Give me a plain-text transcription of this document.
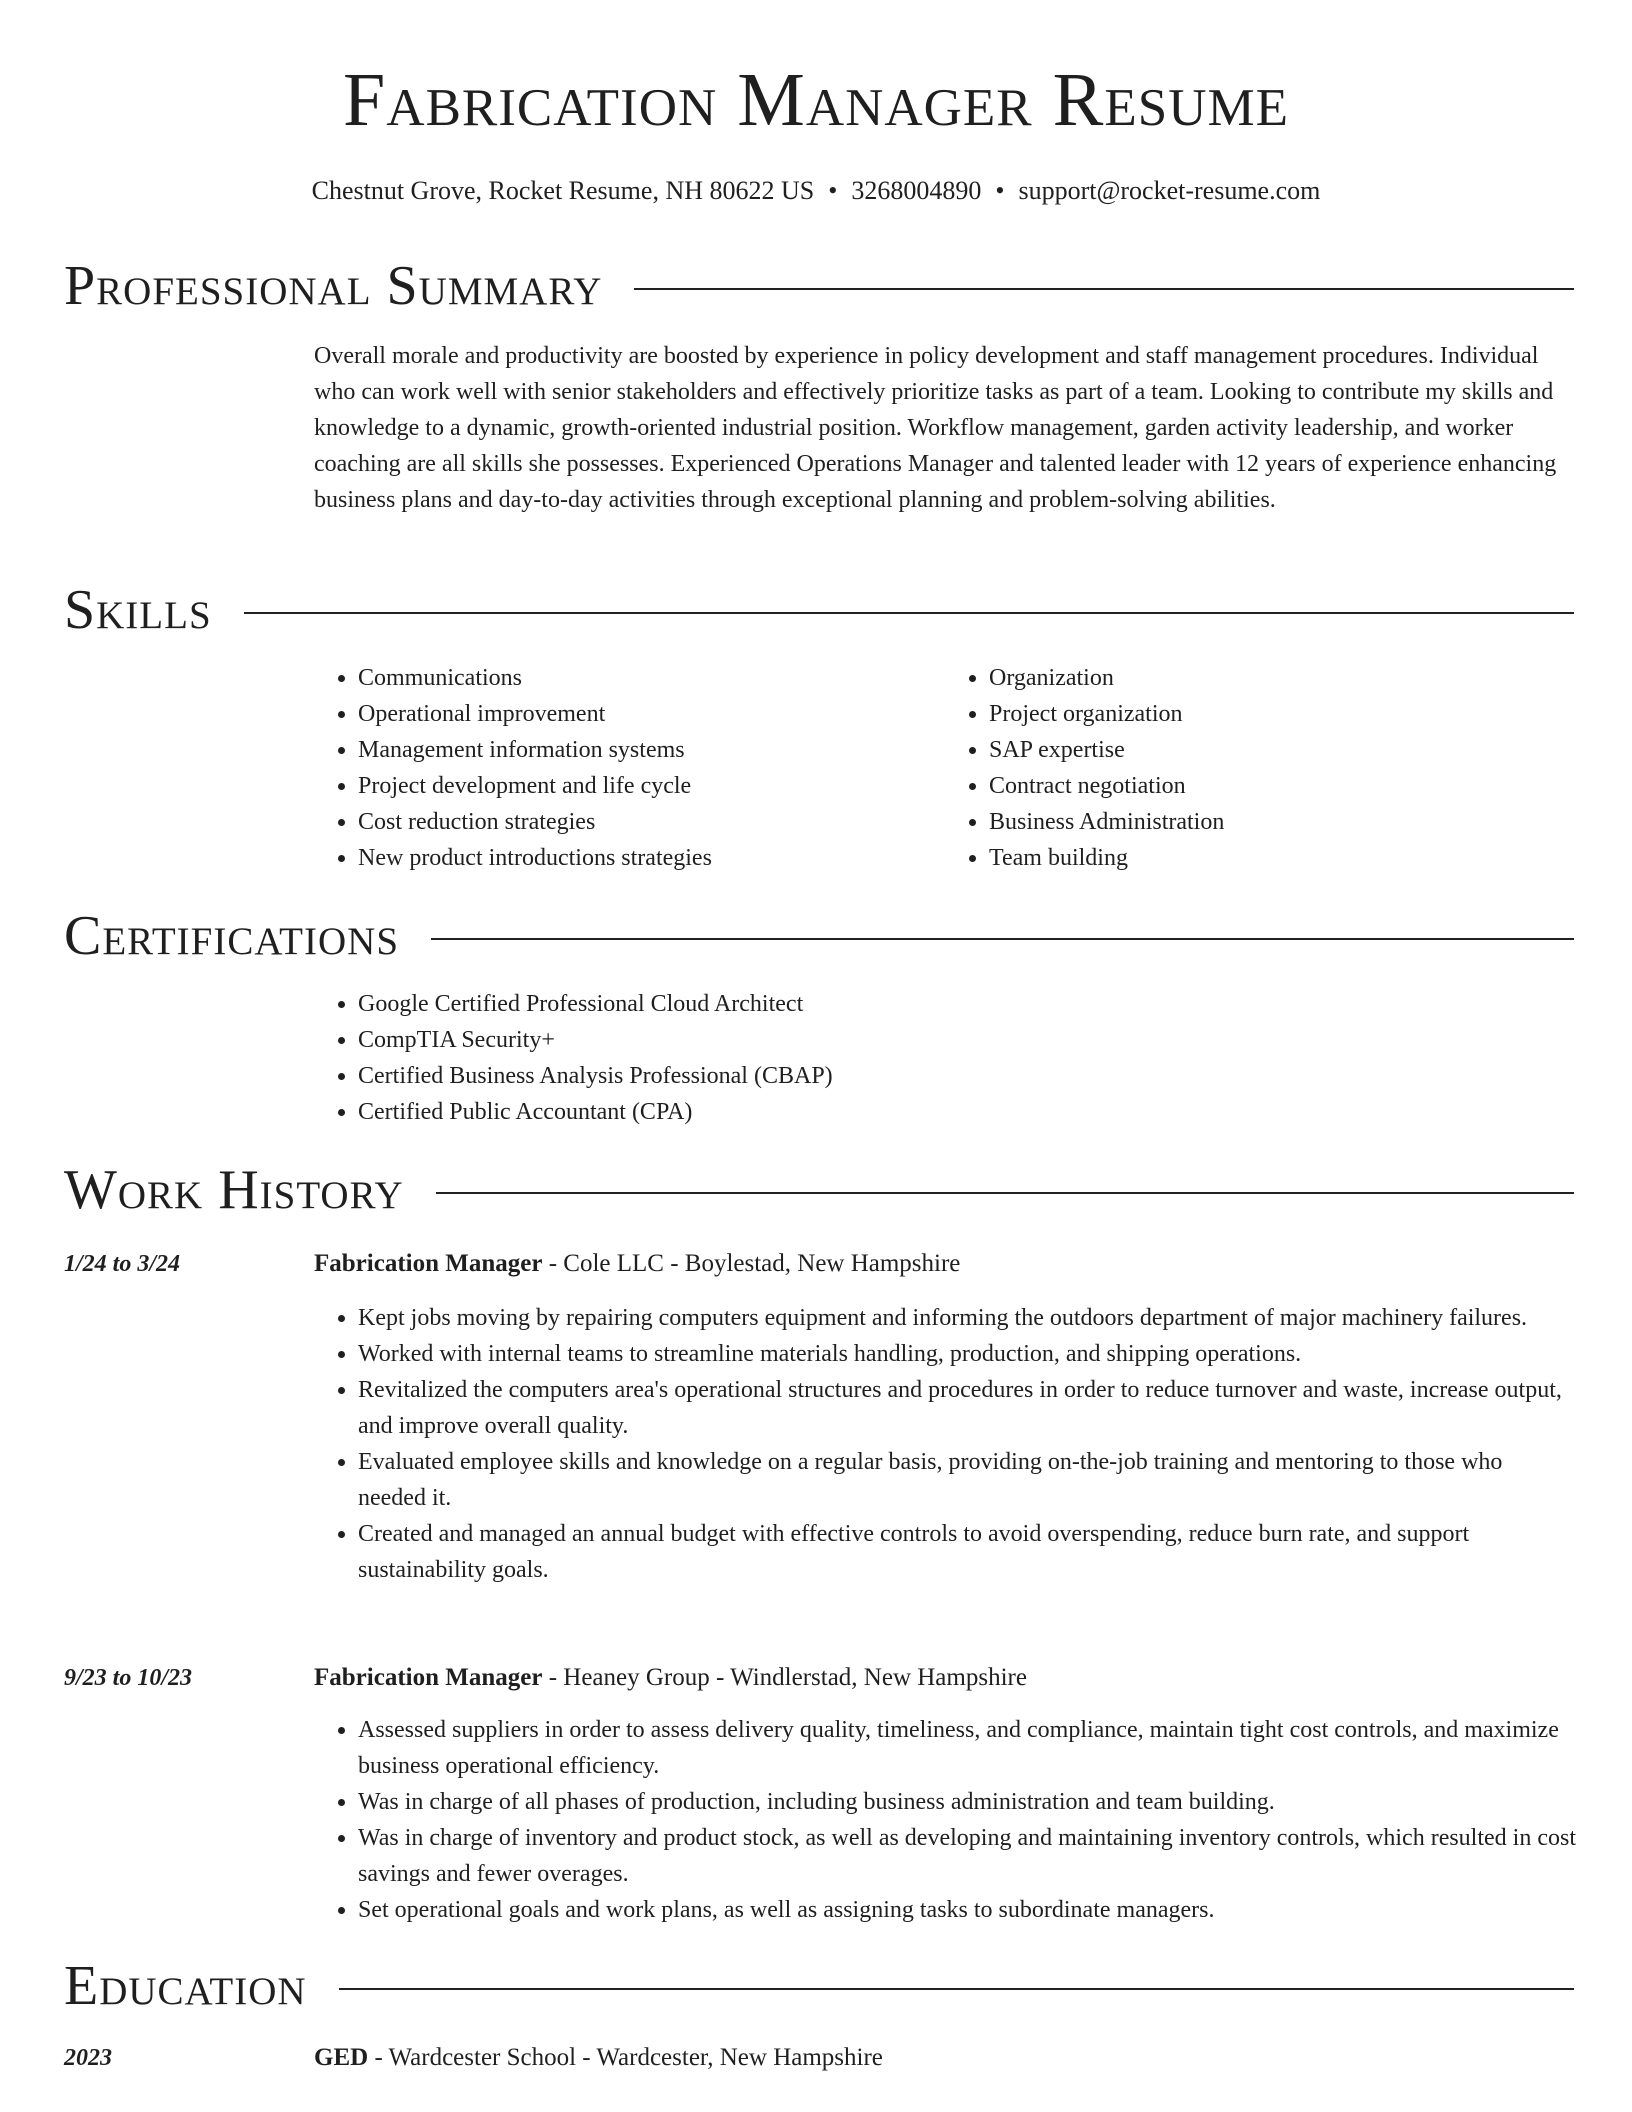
Fabrication Manager Resume
Chestnut Grove, Rocket Resume, NH 80622 US • 3268004890 • support@rocket-resume.com
Professional Summary

Overall morale and productivity are boosted by experience in policy development and staff management procedures. Individual who can work well with senior stakeholders and effectively prioritize tasks as part of a team. Looking to contribute my skills and knowledge to a dynamic, growth-oriented industrial position. Workflow management, garden activity leadership, and worker coaching are all skills she possesses. Experienced Operations Manager and talented leader with 12 years of experience enhancing business plans and day-to-day activities through exceptional planning and problem-solving abilities.

Skills
• Communications
• Operational improvement
• Management information systems
• Project development and life cycle
• Cost reduction strategies
• New product introductions strategies
• Organization
• Project organization
• SAP expertise
• Contract negotiation
• Business Administration
• Team building
Certifications
• Google Certified Professional Cloud Architect
• CompTIA Security+
• Certified Business Analysis Professional (CBAP)
• Certified Public Accountant (CPA)
Work History
1/24 to 3/24	Fabrication Manager - Cole LLC - Boylestad, New Hampshire
• Kept jobs moving by repairing computers equipment and informing the outdoors department of major machinery failures.
• Worked with internal teams to streamline materials handling, production, and shipping operations.
• Revitalized the computers area's operational structures and procedures in order to reduce turnover and waste, increase output, and improve overall quality.
• Evaluated employee skills and knowledge on a regular basis, providing on-the-job training and mentoring to those who needed it.
• Created and managed an annual budget with effective controls to avoid overspending, reduce burn rate, and support sustainability goals.
9/23 to 10/23	Fabrication Manager - Heaney Group - Windlerstad, New Hampshire
• Assessed suppliers in order to assess delivery quality, timeliness, and compliance, maintain tight cost controls, and maximize business operational efficiency.
• Was in charge of all phases of production, including business administration and team building.
• Was in charge of inventory and product stock, as well as developing and maintaining inventory controls, which resulted in cost savings and fewer overages.
• Set operational goals and work plans, as well as assigning tasks to subordinate managers.
Education
2023	GED - Wardcester School - Wardcester, New Hampshire
